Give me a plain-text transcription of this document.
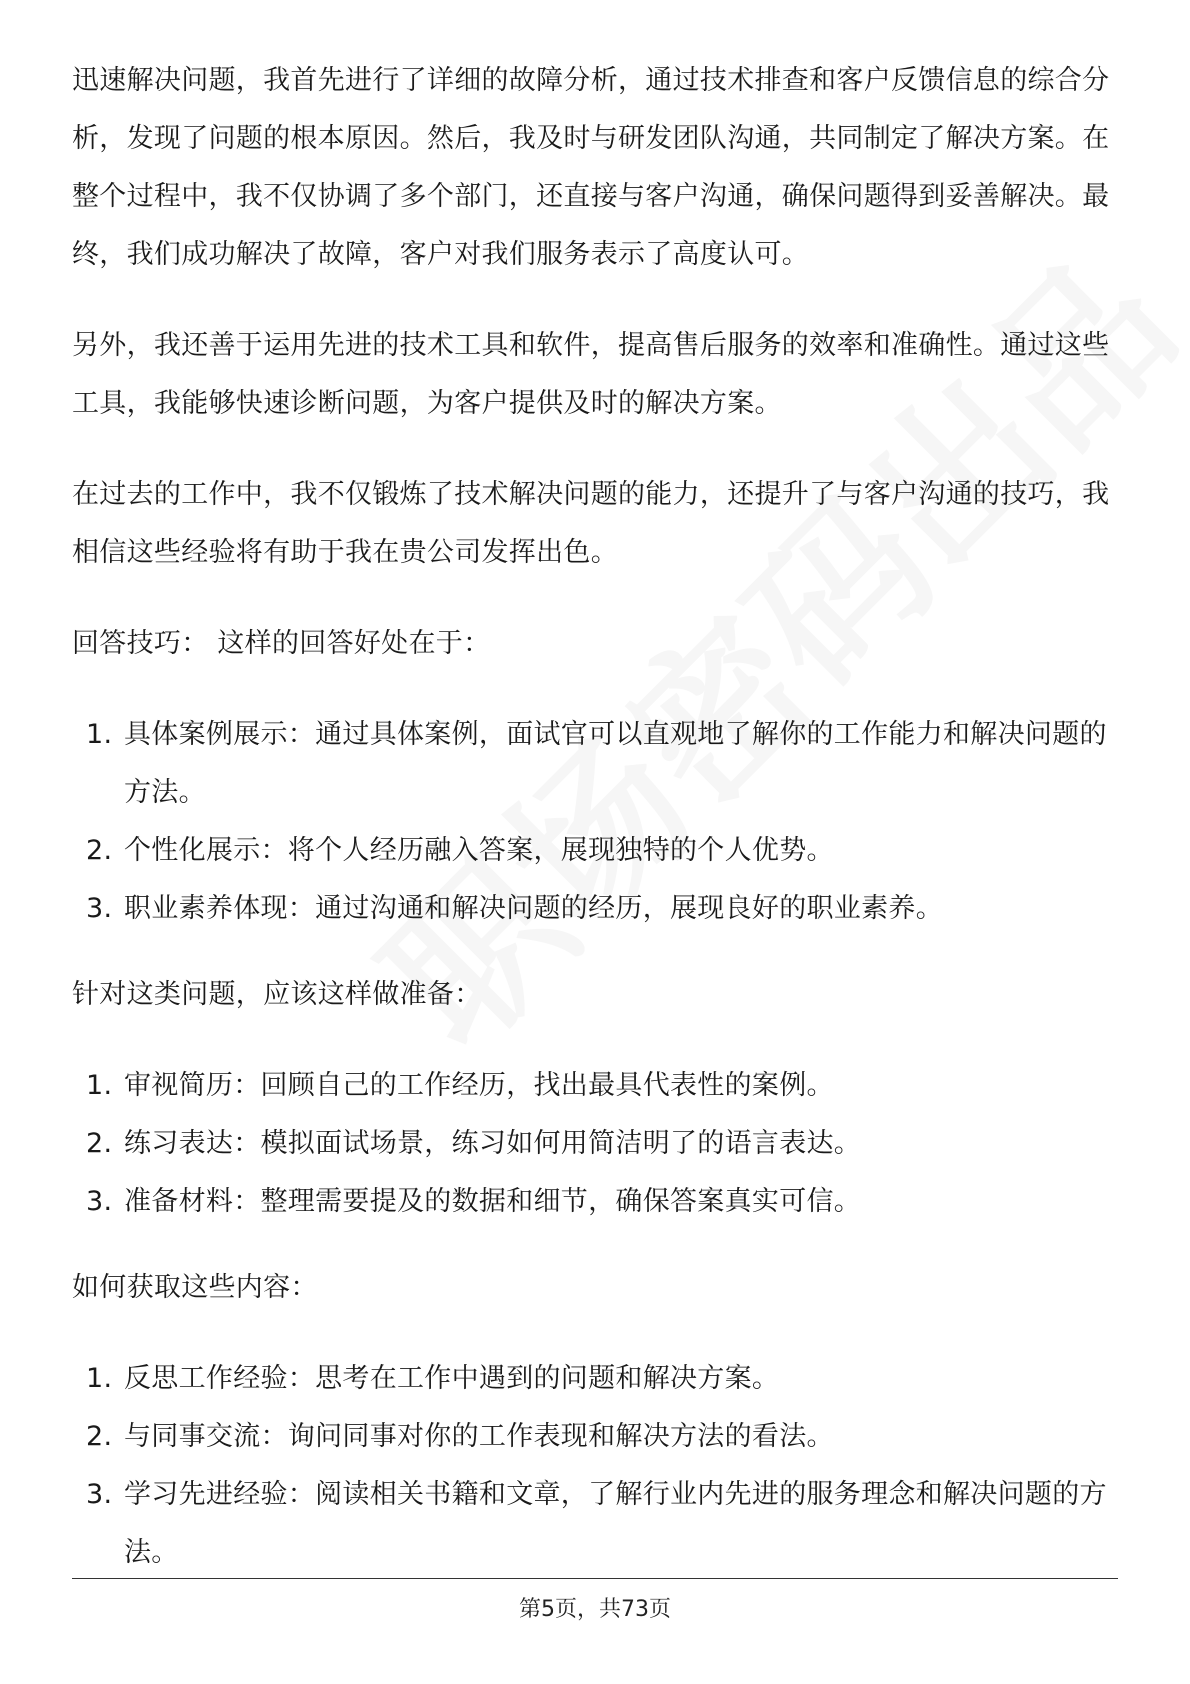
迅速解决问题，我首先进行了详细的故障分析，通过技术排查和客户反馈信息的综合分析，发现了问题的根本原因。然后，我及时与研发团队沟通，共同制定了解决方案。在整个过程中，我不仅协调了多个部门，还直接与客户沟通，确保问题得到妥善解决。最终，我们成功解决了故障，客户对我们服务表示了高度认可。

另外，我还善于运用先进的技术工具和软件，提高售后服务的效率和准确性。通过这些工具，我能够快速诊断问题，为客户提供及时的解决方案。

在过去的工作中，我不仅锻炼了技术解决问题的能力，还提升了与客户沟通的技巧，我相信这些经验将有助于我在贵公司发挥出色。

回答技巧： 这样的回答好处在于：

1. 具体案例展示：通过具体案例，面试官可以直观地了解你的工作能力和解决问题的方法。
2. 个性化展示：将个人经历融入答案，展现独特的个人优势。
3. 职业素养体现：通过沟通和解决问题的经历，展现良好的职业素养。

针对这类问题，应该这样做准备：

1. 审视简历：回顾自己的工作经历，找出最具代表性的案例。
2. 练习表达：模拟面试场景，练习如何用简洁明了的语言表达。
3. 准备材料：整理需要提及的数据和细节，确保答案真实可信。

如何获取这些内容：

1. 反思工作经验：思考在工作中遇到的问题和解决方案。
2. 与同事交流：询问同事对你的工作表现和解决方法的看法。
3. 学习先进经验：阅读相关书籍和文章，了解行业内先进的服务理念和解决问题的方法。
第5页，共73页
